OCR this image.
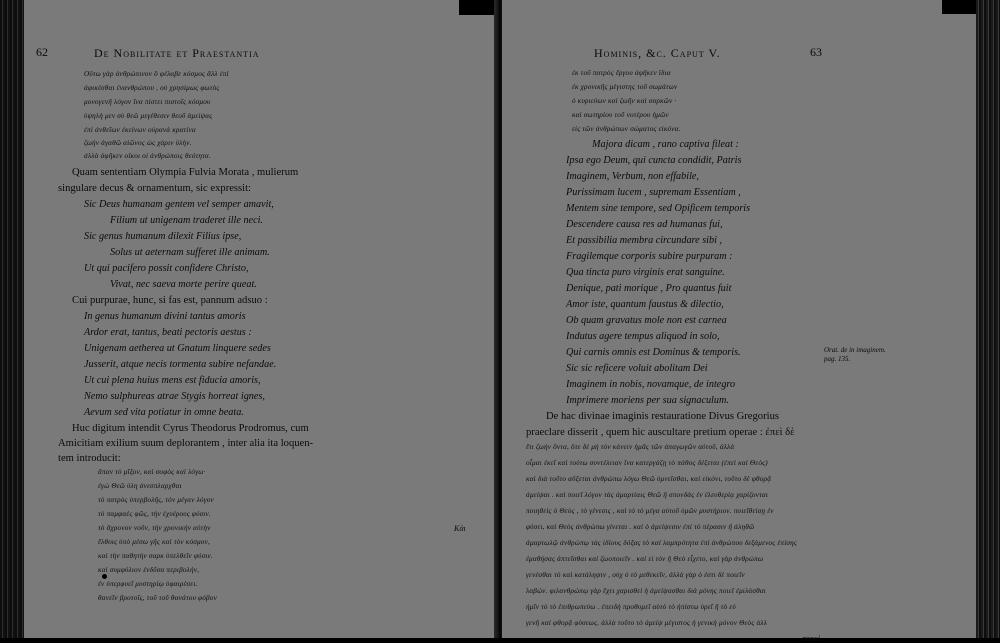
62	De Nobilitate et Praestantia
Οὕτω γὰρ ἀνθρώπινον ὃ φέλαβε κόσμος ἄλλ ἐπὶ
ἀφικέσθαι ἐνανθρώπου , οὐ χρησίμως φωτὸς
μονογενῆ λόγον ἵνα πίστει πιστοῖς κόσμου
ὑψηλὴ μεν σὺ θεῶ μεγέθεσιν θεοῦ ἀμείψας
ἐπὶ ἀνθεῖων ἐκείνων οὐρανὰ κρατίνα
ζωὴν ἀγαθῶ αἰῶνος ὡς χάριν ὑλὴν.
ἀλλὰ ἀφῆκεν οἴκοι οἱ ἀνθρώποις θεότητα.
Quam sententiam Olympia Fulvia Morata , mulierum
singulare decus & ornamentum, sic expressit:
Sic Deus humanam gentem vel semper amavit,
Filium ut unigenam traderet ille neci.
Sic genus humanum dilexit Filius ipse,
Solus ut aeternam sufferet ille animam.
Ut qui pacifero possit confidere Christo,
Vivat, nec saeva morte perire queat.
Cui purpurae, hunc, si fas est, pannum adsuo :
In genus humanum divini tantus amoris
Ardor erat, tantus, beati pectoris aestus :
Unigenam aetherea ut Gnatum linquere sedes
Jusserit, atque necis tormenta subire nefandae.
Ut cui plena huius mens est fiducia amoris,
Nemo sulphureas atrae Stygis horreat ignes,
Aevum sed vita potiatur in omne beata.
Huc digitum intendit Cyrus Theodorus Prodromus, cum
Amicitiam exilium suum deplorantem , inter alia ita loquen-
tem introducit:
ἄπαν τὸ μῖξον, καὶ σοφὸς καὶ λόγω·
ἐγὼ Θεῶ ὑλη ἀνεσπλαρχθαι
τὸ πατρὸς ὑπερβολῆς, τὸν μέγαν λόγον
τὸ παμφαὲς φῶς, τὴν ἐχυέρους φύσιν.
τὸ ἄχρονον νοῦν, τὴν χρονικὴν αὐτὴν
ἔλθοις ὑπὸ μέσω γῆς καὶ τὸν κόσμον,
καὶ τὴν παθητὴν σαρκ ὑπελθεῖν φύσιν.
καὶ συμφύλιον ἐνδῦσα περιβολήν,
ἐν ὑπερφυεῖ μυστηρίῳ ὑφαιρέσει.
θανεῖν βροτοῖς, τοῦ τοῦ θανάτου φόβον
Κἀι
Hominis, &c. Caput V.	63
ἐκ τοῦ πατρὸς ἔργου ἀφῆκεν ἴδια
ἐκ χρονικῆς μέγιστης τοῦ σωμάτων
ὁ κυριεύων καὶ ζωῆν καὶ σαρκῶν ·
καὶ σωτηρίου τοῦ νοτέρου ἡμῶν
εἰς τῶν ἀνθρώπων σώματος εἰκόνα.
Majora dicam , rano captiva fileat :
Ipsa ego Deum, qui cuncta condidit, Patris
Imaginem, Verbum, non effabile,
Purissimam lucem , supremam Essentiam ,
Mentem sine tempore, sed Opificem temporis
Descendere causa res ad humanas fui,
Et passibilia membra circundare sibi ,
Fragilemque corporis subire purpuram :
Qua tincta puro virginis erat sanguine.
Denique, pati morique , Pro quantus fuit
Amor iste, quantum faustus & dilectio,
Ob quam gravatus mole non est carnea
Indutus agere tempus aliquod in solo,
Qui carnis omnis est Dominus & temporis.
Sic sic reficere voluit abolitam Dei
Imaginem in nobis, novamque, de integro
Imprimere moriens per sua signaculum.
De hac divinae imaginis restauratione Divus Gregorius
praeclare disserit , quem hic auscultare pretium operae : ἐπεὶ δὲ
ἔτι ζωὴν ὄντα, ὅτε δὲ μὴ τὸν κάνειν ἡμᾶς τῶν ἀπαγωγῶν αὐτοῦ, ἀλλὰ
οἶμαι ἐκεῖ καὶ τούτω συντέλειαν ἵνα κατεργάζῃ τὸ πάθος δέξεται (ἐπεὶ καὶ Θεὸς)
καὶ διὰ τοῦτο αὔξεται ἀνθρώπω λόγω Θεῶ ὑμνεῖσθαι, καὶ εἰκόνι, τοῦτο δὲ φθορᾷ
ἀμείψαι . καὶ ποιεῖ λόγον τὰς ἀμαρτίαις Θεῶ ἢ σπονδὰς ἐν ἐλευθερίᾳ χαρίζονται
ποιηθεὶς ὁ Θεὸς , τὸ γένεσις , καὶ τὸ τὸ μέγα αὐτοῦ ὑμῶν μυστήριον. ποιεῖθείσῃ ἐν
φύσει, καὶ Θεὸς ἀνθρώπω γίνεται . καὶ ὁ ἀμείψεσιν ἐπὶ τὸ πέρασιν ἢ ἀληθῶ
ἁμαρτωλῷ ἀνθρώπῳ τὰς ἰδίους δόξας τὸ καὶ λαμπρότητα ἐπὶ ἀνθρώπου δεξάμενος ἐπίσης
ἐμαθήσας ἀπτεῖσθαι καὶ ζωοποιεῖν . καὶ εἰ τὸν ἢ Θεὸ εἶχετο, καὶ γὰρ ἀνθρώπω
γενέσθαι τὸ καὶ κατάληψιν , οὐχ ὁ τὸ μεθεκεῖν, ἀλλὰ γὰρ ὁ ἐστι δὲ ποιεῖν
λαβών. φιλανθρώπῳ γὰρ ἔχει χαρισθεὶ ἡ ἀμείψασθαι διὰ μόνης ποιεῖ ἐμιλάσθαι
ἡμῖν τὸ τὸ ἐπιθρωπεύω . ἐπειδὴ προθυμεῖ αὐτὸ τὸ ἠπίστω ὑρεῖ ἢ τὸ εὐ
γενῆ καὶ φθορᾷ φύσεως. ἀλλὰ τοῦτο τὸ ἀμείψ μέγιστος ἡ γενικὴ μόνον Θεὸς ἀλλ
Orat. de in imaginem. pag. 135.
σαρκί
